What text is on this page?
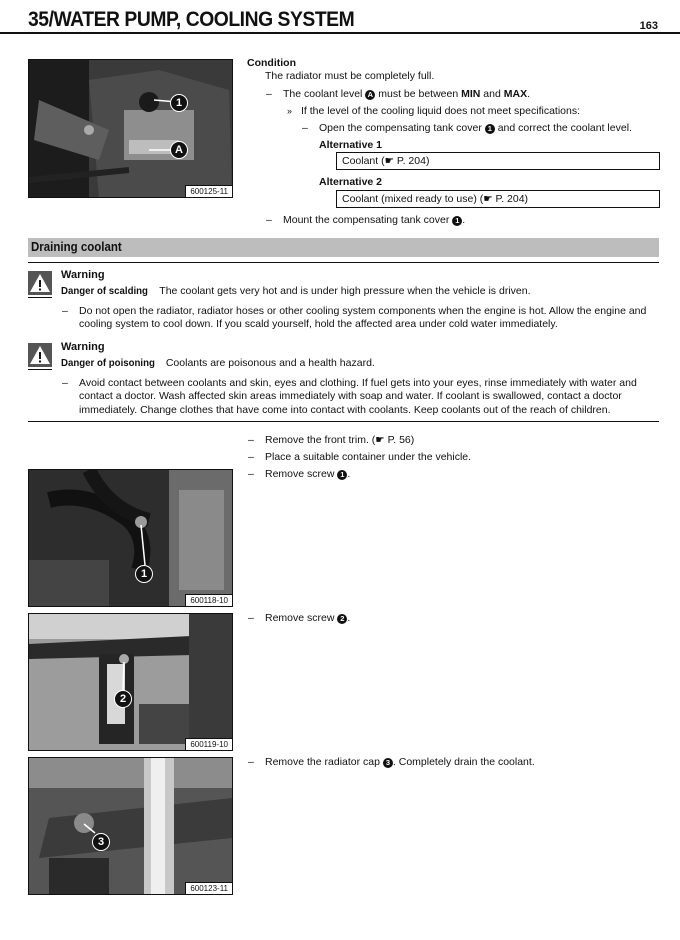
35/WATER PUMP, COOLING SYSTEM	163
1
A
600125-11
Condition
The radiator must be completely full.
– The coolant level A must be between MIN and MAX.
» If the level of the cooling liquid does not meet specifications:
– Open the compensating tank cover 1 and correct the coolant level.
Alternative 1
Coolant (☛ P. 204)
Alternative 2
Coolant (mixed ready to use) (☛ P. 204)
– Mount the compensating tank cover 1 .
Draining coolant
Warning
Danger of scalding The coolant gets very hot and is under high pressure when the vehicle is driven.
– Do not open the radiator, radiator hoses or other cooling system components when the engine is hot. Allow the engine and
cooling system to cool down. If you scald yourself, hold the affected area under cold water immediately.
Warning
Danger of poisoning Coolants are poisonous and a health hazard.
– Avoid contact between coolants and skin, eyes and clothing. If fuel gets into your eyes, rinse immediately with water and
contact a doctor. Wash affected skin areas immediately with soap and water. If coolant is swallowed, contact a doctor
immediately. Change clothes that have come into contact with coolants. Keep coolants out of the reach of children.
– Remove the front trim. (☛ P. 56)
– Place a suitable container under the vehicle.
– Remove screw 1 .
1
600118-10
– Remove screw 2 .
2
600119-10
– Remove the radiator cap 3 . Completely drain the coolant.
3
600123-11
